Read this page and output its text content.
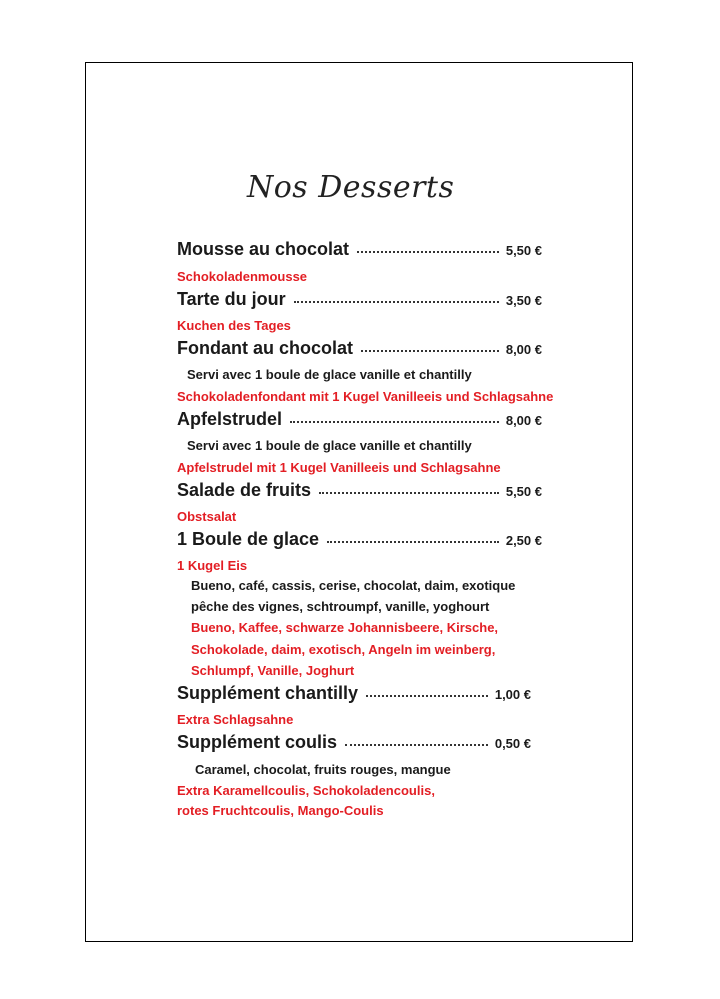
Nos Desserts
Mousse au chocolat	5,50 €
Schokoladenmousse
Tarte du jour	3,50 €
Kuchen des Tages
Fondant au chocolat	8,00 €
Servi avec 1 boule de glace vanille et chantilly
Schokoladenfondant mit 1 Kugel Vanilleeis und Schlagsahne
Apfelstrudel	8,00 €
Servi avec 1 boule de glace vanille et chantilly
Apfelstrudel mit 1 Kugel Vanilleeis und Schlagsahne
Salade de fruits	5,50 €
Obstsalat
1 Boule de glace	2,50 €
1 Kugel Eis
Bueno, café, cassis, cerise, chocolat, daim, exotique
pêche des vignes, schtroumpf, vanille, yoghourt
Bueno, Kaffee, schwarze Johannisbeere, Kirsche,
Schokolade, daim, exotisch, Angeln im weinberg,
Schlumpf, Vanille, Joghurt
Supplément chantilly	1,00 €
Extra Schlagsahne
Supplément coulis	0,50 €
Caramel, chocolat, fruits rouges, mangue
Extra Karamellcoulis, Schokoladencoulis,
rotes Fruchtcoulis, Mango-Coulis
